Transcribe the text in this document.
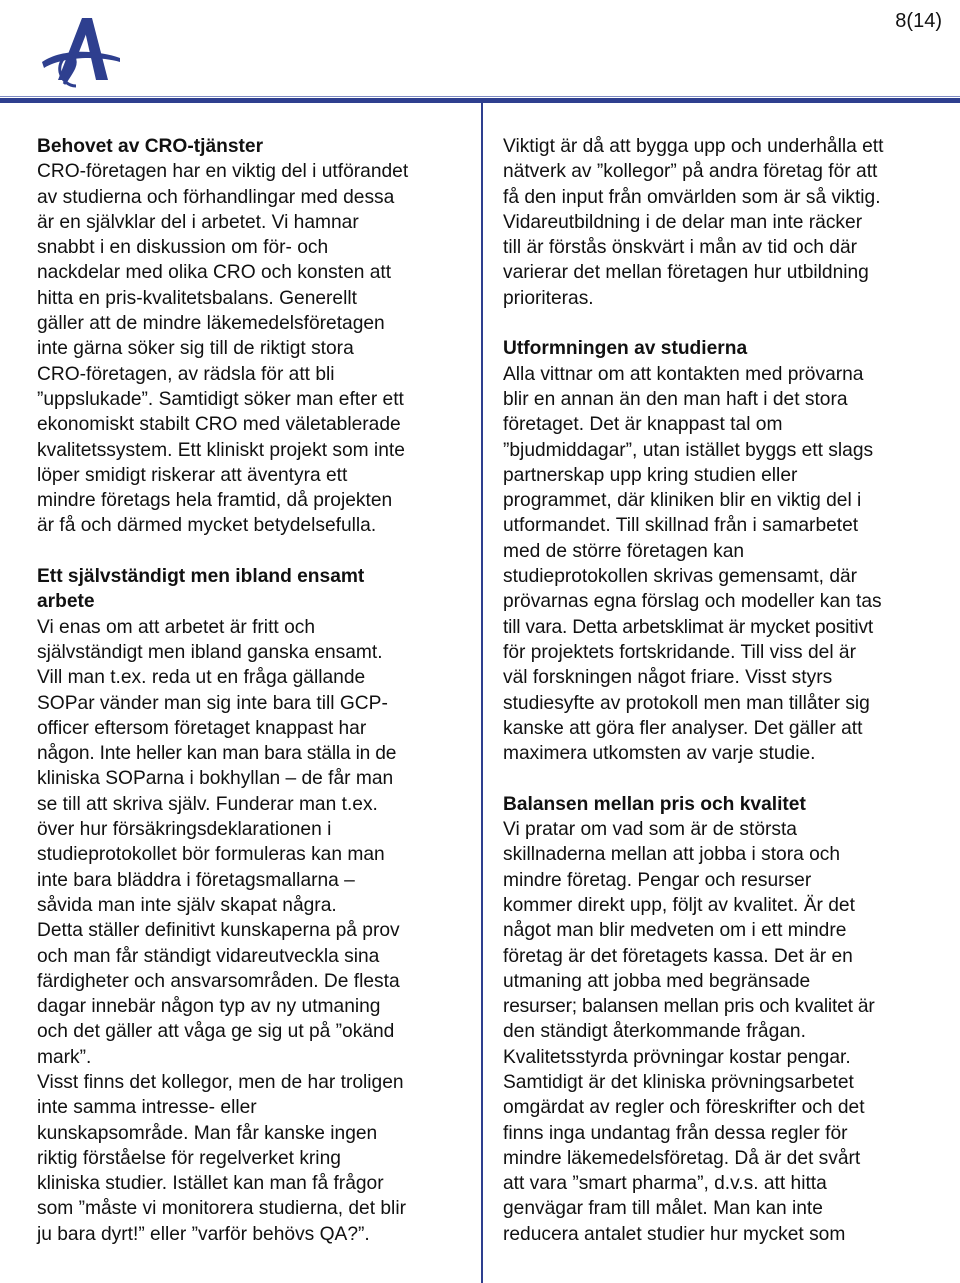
8(14)

Behovet av CRO-tjänster

CRO-företagen har en viktig del i utförandet

av studierna och förhandlingar med dessa

är en självklar del i arbetet. Vi hamnar

snabbt i en diskussion om för- och

nackdelar med olika CRO och konsten att

hitta en pris-kvalitetsbalans. Generellt

gäller att de mindre läkemedelsföretagen

inte gärna söker sig till de riktigt stora

CRO-företagen, av rädsla för att bli

”uppslukade”. Samtidigt söker man efter ett

ekonomiskt stabilt CRO med väletablerade

kvalitetssystem. Ett kliniskt projekt som inte

löper smidigt riskerar att äventyra ett

mindre företags hela framtid, då projekten

är få och därmed mycket betydelsefulla.

Ett självständigt men ibland ensamt

arbete

Vi enas om att arbetet är fritt och

självständigt men ibland ganska ensamt.

Vill man t.ex. reda ut en fråga gällande

SOPar vänder man sig inte bara till GCP-

officer eftersom företaget knappast har

någon. Inte heller kan man bara ställa in de

kliniska SOParna i bokhyllan – de får man

se till att skriva själv. Funderar man t.ex.

över hur försäkringsdeklarationen i

studieprotokollet bör formuleras kan man

inte bara bläddra i företagsmallarna –

såvida man inte själv skapat några.

Detta ställer definitivt kunskaperna på prov

och man får ständigt vidareutveckla sina

färdigheter och ansvarsområden. De flesta

dagar innebär någon typ av ny utmaning

och det gäller att våga ge sig ut på ”okänd

mark”.

Visst finns det kollegor, men de har troligen

inte samma intresse- eller

kunskapsområde. Man får kanske ingen

riktig förståelse för regelverket kring

kliniska studier. Istället kan man få frågor

som ”måste vi monitorera studierna, det blir

ju bara dyrt!” eller ”varför behövs QA?”.

Viktigt är då att bygga upp och underhålla ett

nätverk av ”kollegor” på andra företag för att

få den input från omvärlden som är så viktig.

Vidareutbildning i de delar man inte räcker

till är förstås önskvärt i mån av tid och där

varierar det mellan företagen hur utbildning

prioriteras.

Utformningen av studierna

Alla vittnar om att kontakten med prövarna

blir en annan än den man haft i det stora

företaget. Det är knappast tal om

”bjudmiddagar”, utan istället byggs ett slags

partnerskap upp kring studien eller

programmet, där kliniken blir en viktig del i

utformandet. Till skillnad från i samarbetet

med de större företagen kan

studieprotokollen skrivas gemensamt, där

prövarnas egna förslag och modeller kan tas

till vara. Detta arbetsklimat är mycket positivt

för projektets fortskridande. Till viss del är

väl forskningen något friare. Visst styrs

studiesyfte av protokoll men man tillåter sig

kanske att göra fler analyser. Det gäller att

maximera utkomsten av varje studie.

Balansen mellan pris och kvalitet

Vi pratar om vad som är de största

skillnaderna mellan att jobba i stora och

mindre företag. Pengar och resurser

kommer direkt upp, följt av kvalitet. Är det

något man blir medveten om i ett mindre

företag är det företagets kassa. Det är en

utmaning att jobba med begränsade

resurser; balansen mellan pris och kvalitet är

den ständigt återkommande frågan.

Kvalitetsstyrda prövningar kostar pengar.

Samtidigt är det kliniska prövningsarbetet

omgärdat av regler och föreskrifter och det

finns inga undantag från dessa regler för

mindre läkemedelsföretag. Då är det svårt

att vara ”smart pharma”, d.v.s. att hitta

genvägar fram till målet. Man kan inte

reducera antalet studier hur mycket som
